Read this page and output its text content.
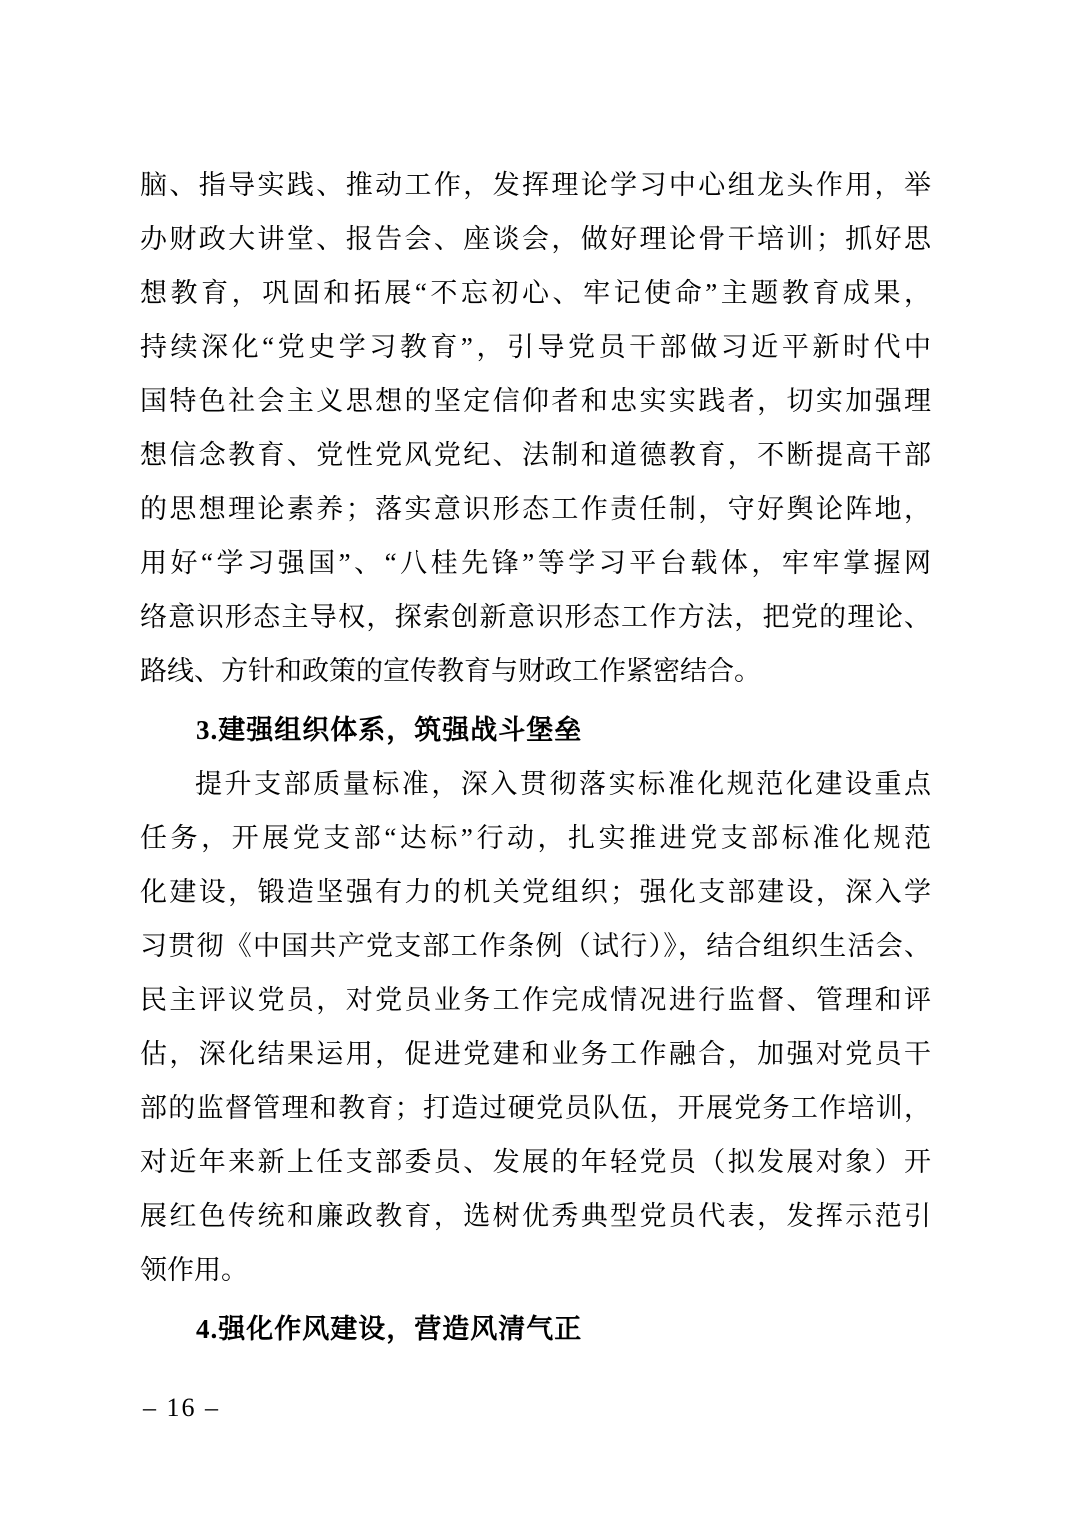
脑、指导实践、推动工作，发挥理论学习中心组龙头作用，举
办财政大讲堂、报告会、座谈会，做好理论骨干培训；抓好思
想教育，巩固和拓展“不忘初心、牢记使命”主题教育成果，
持续深化“党史学习教育”，引导党员干部做习近平新时代中
国特色社会主义思想的坚定信仰者和忠实实践者，切实加强理
想信念教育、党性党风党纪、法制和道德教育，不断提高干部
的思想理论素养；落实意识形态工作责任制，守好舆论阵地，
用好“学习强国”、“八桂先锋”等学习平台载体，牢牢掌握网
络意识形态主导权，探索创新意识形态工作方法，把党的理论、
路线、方针和政策的宣传教育与财政工作紧密结合。
3.建强组织体系，筑强战斗堡垒
提升支部质量标准，深入贯彻落实标准化规范化建设重点
任务，开展党支部“达标”行动，扎实推进党支部标准化规范
化建设，锻造坚强有力的机关党组织；强化支部建设，深入学
习贯彻《中国共产党支部工作条例（试行）》，结合组织生活会、
民主评议党员，对党员业务工作完成情况进行监督、管理和评
估，深化结果运用，促进党建和业务工作融合，加强对党员干
部的监督管理和教育；打造过硬党员队伍，开展党务工作培训，
对近年来新上任支部委员、发展的年轻党员（拟发展对象）开
展红色传统和廉政教育，选树优秀典型党员代表，发挥示范引
领作用。
4.强化作风建设，营造风清气正
– 16 –
